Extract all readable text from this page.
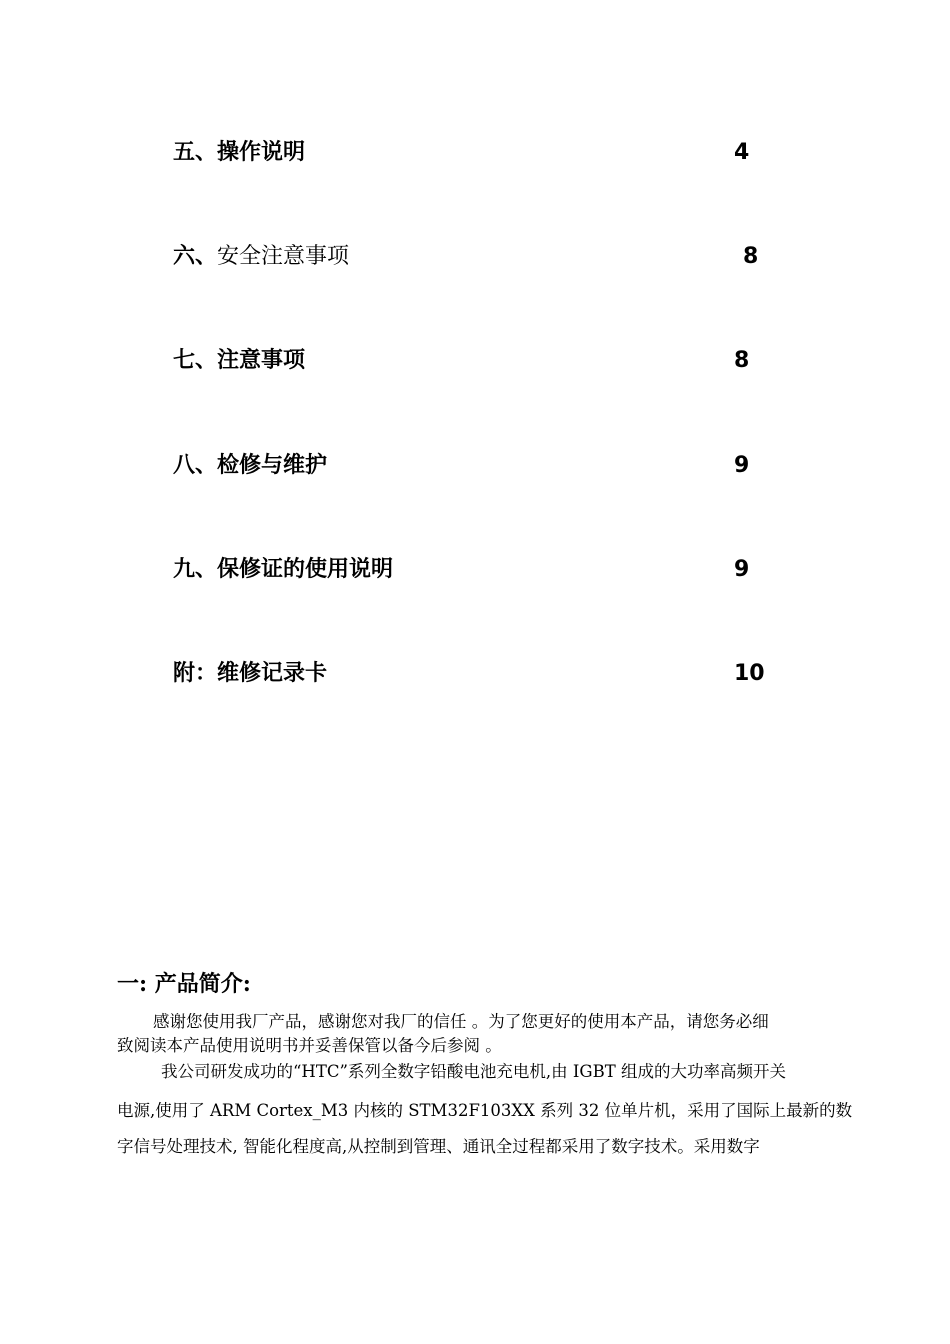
五、操作说明	4
六、安全注意事项	8
七、注意事项	8
八、检修与维护	9
九、保修证的使用说明	9
附：维修记录卡	10
一: 产品简介:
感谢您使用我厂产品，感谢您对我厂的信任 。为了您更好的使用本产品，请您务必细
致阅读本产品使用说明书并妥善保管以备今后参阅 。
我公司研发成功的“HTC”系列全数字铅酸电池充电机,由 IGBT 组成的大功率高频开关
电源,使用了 ARM Cortex_M3 内核的 STM32F103XX 系列 32 位单片机，采用了国际上最新的数
字信号处理技术, 智能化程度高,从控制到管理、通讯全过程都采用了数字技术。采用数字
